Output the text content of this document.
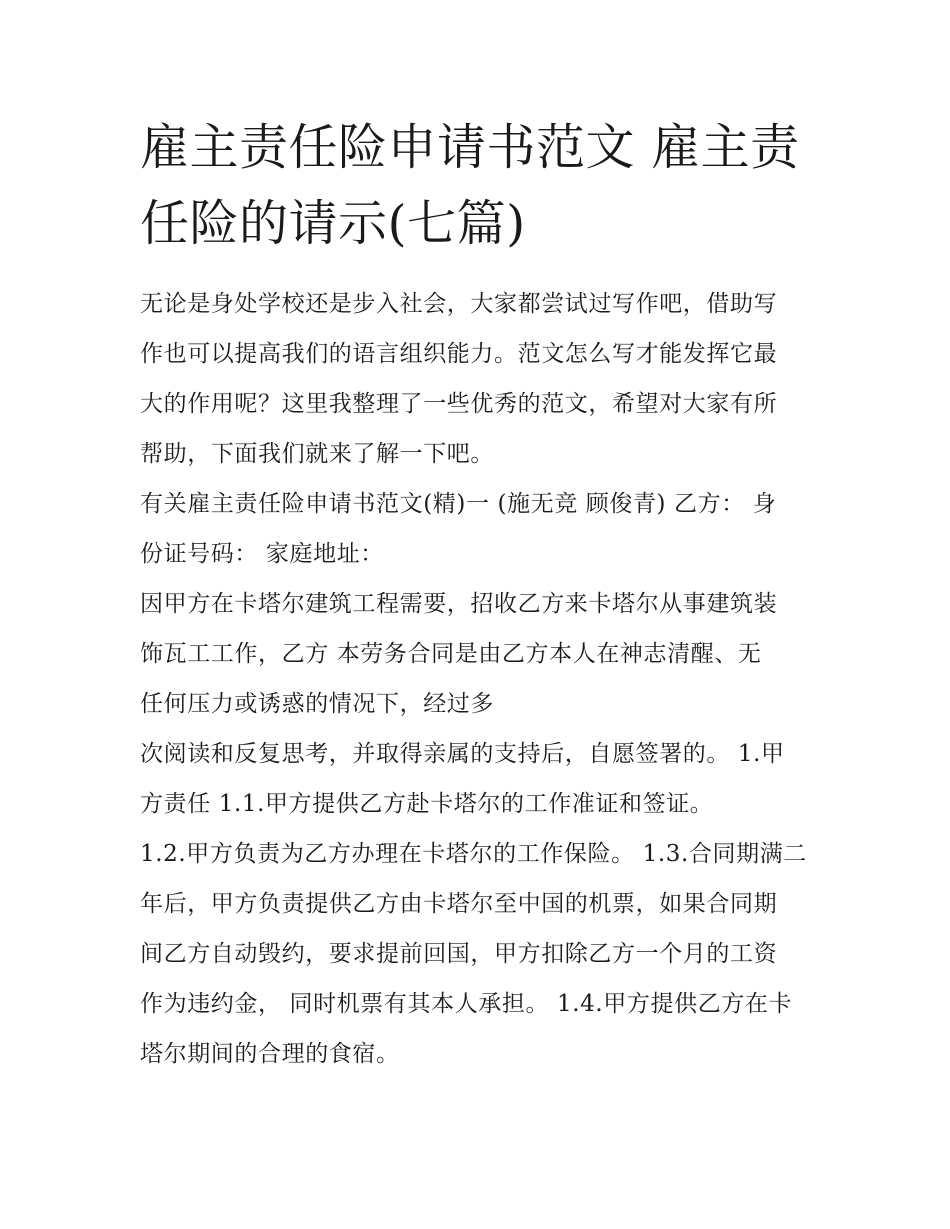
雇主责任险申请书范文 雇主责
任险的请示(七篇)
无论是身处学校还是步入社会，大家都尝试过写作吧，借助写
作也可以提高我们的语言组织能力。范文怎么写才能发挥它最
大的作用呢？这里我整理了一些优秀的范文，希望对大家有所
帮助，下面我们就来了解一下吧。
有关雇主责任险申请书范文(精)一 (施无竞 顾俊青) 乙方： 身
份证号码： 家庭地址：
因甲方在卡塔尔建筑工程需要，招收乙方来卡塔尔从事建筑装
饰瓦工工作，乙方 本劳务合同是由乙方本人在神志清醒、无
任何压力或诱惑的情况下，经过多
次阅读和反复思考，并取得亲属的支持后，自愿签署的。 1.甲
方责任 1.1.甲方提供乙方赴卡塔尔的工作准证和签证。
1.2.甲方负责为乙方办理在卡塔尔的工作保险。 1.3.合同期满二
年后，甲方负责提供乙方由卡塔尔至中国的机票，如果合同期
间乙方自动毁约，要求提前回国，甲方扣除乙方一个月的工资
作为违约金， 同时机票有其本人承担。 1.4.甲方提供乙方在卡
塔尔期间的合理的食宿。
